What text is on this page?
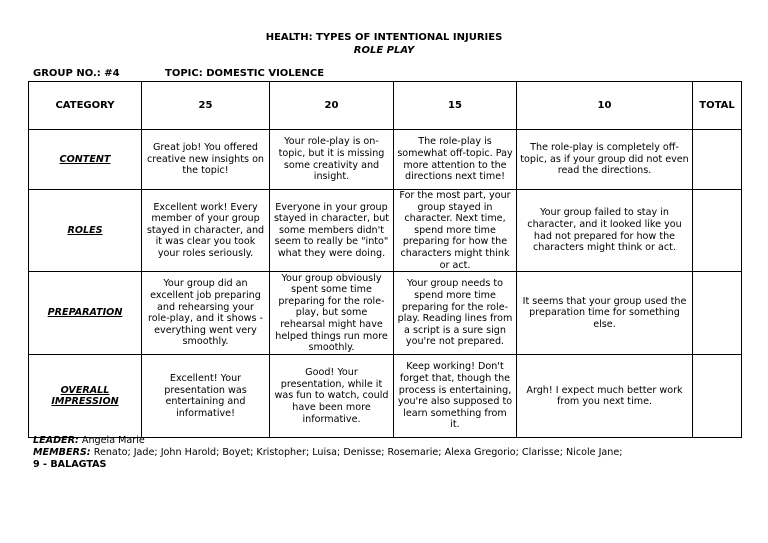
HEALTH: TYPES OF INTENTIONAL INJURIES
ROLE PLAY
GROUP NO.: #4	TOPIC: DOMESTIC VIOLENCE
CATEGORY	25	20	15	10	TOTAL
CONTENT	Great job! You offered creative new insights on the topic!	Your role-play is on-topic, but it is missing some creativity and insight.	The role-play is somewhat off-topic. Pay more attention to the directions next time!	The role-play is completely off-topic, as if your group did not even read the directions.	
ROLES	Excellent work! Every member of your group stayed in character, and it was clear you took your roles seriously.	Everyone in your group stayed in character, but some members didn't seem to really be "into" what they were doing.	For the most part, your group stayed in character. Next time, spend more time preparing for how the characters might think or act.	Your group failed to stay in character, and it looked like you had not prepared for how the characters might think or act.	
PREPARATION	Your group did an excellent job preparing and rehearsing your role-play, and it shows - everything went very smoothly.	Your group obviously spent some time preparing for the role-play, but some rehearsal might have helped things run more smoothly.	Your group needs to spend more time preparing for the role-play. Reading lines from a script is a sure sign you're not prepared.	It seems that your group used the preparation time for something else.	
OVERALL IMPRESSION	Excellent! Your presentation was entertaining and informative!	Good! Your presentation, while it was fun to watch, could have been more informative.	Keep working! Don't forget that, though the process is entertaining, you're also supposed to learn something from it.	Argh! I expect much better work from you next time.	
LEADER: Angela Marie
MEMBERS: Renato; Jade; John Harold; Boyet; Kristopher; Luisa; Denisse; Rosemarie; Alexa Gregorio; Clarisse; Nicole Jane;
9 - BALAGTAS
